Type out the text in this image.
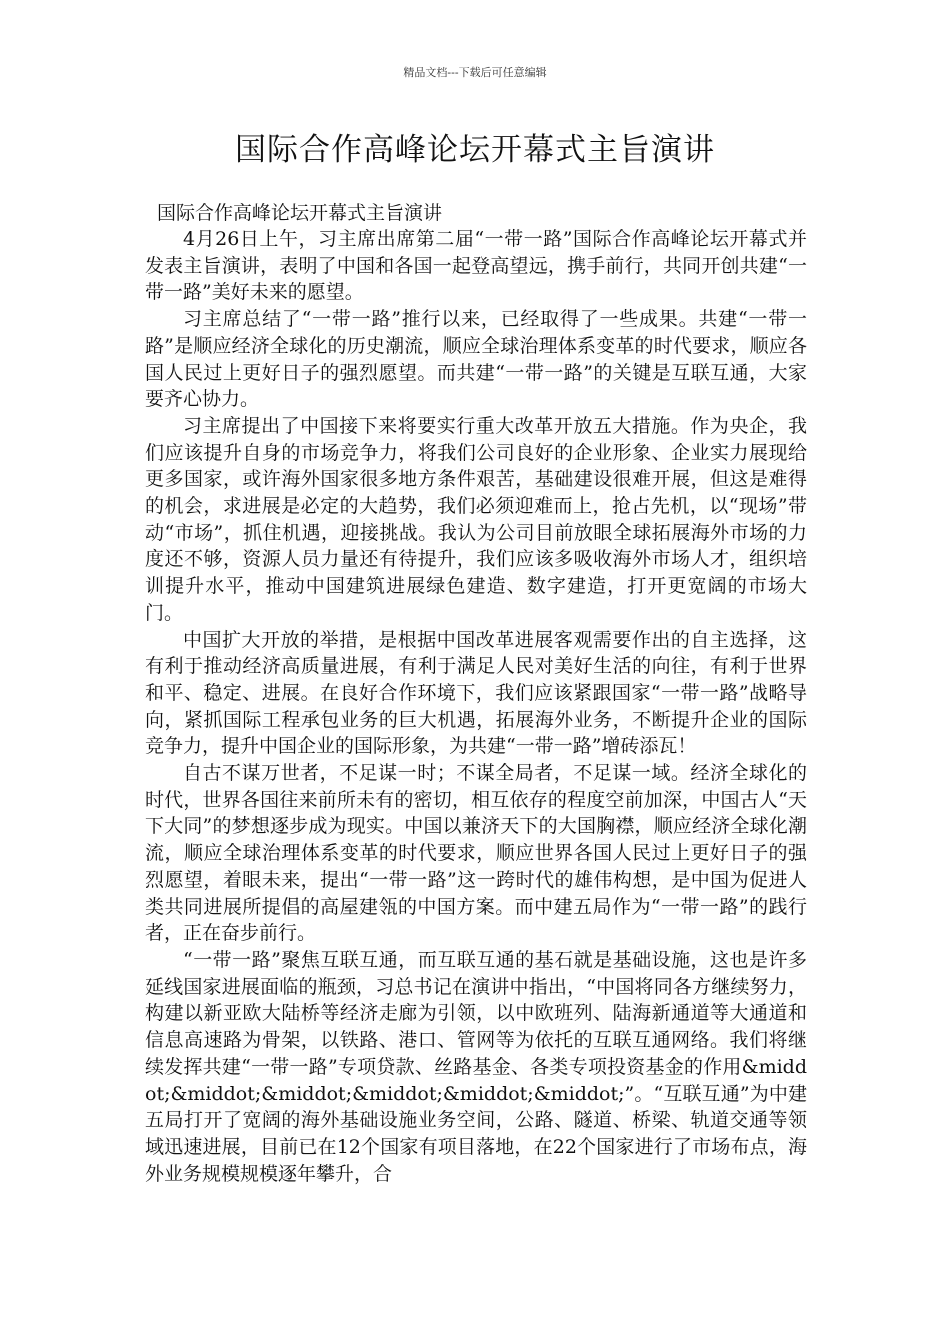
精品文档---下载后可任意编辑
国际合作高峰论坛开幕式主旨演讲

国际合作高峰论坛开幕式主旨演讲

4月26日上午，习主席出席第二届“一带一路”国际合作高峰论坛开幕式并发表主旨演讲，表明了中国和各国一起登高望远，携手前行，共同开创共建“一带一路”美好未来的愿望。

习主席总结了“一带一路”推行以来，已经取得了一些成果。共建“一带一路”是顺应经济全球化的历史潮流，顺应全球治理体系变革的时代要求，顺应各国人民过上更好日子的强烈愿望。而共建“一带一路”的关键是互联互通，大家要齐心协力。

习主席提出了中国接下来将要实行重大改革开放五大措施。作为央企，我们应该提升自身的市场竞争力，将我们公司良好的企业形象、企业实力展现给更多国家，或许海外国家很多地方条件艰苦，基础建设很难开展，但这是难得的机会，求进展是必定的大趋势，我们必须迎难而上，抢占先机，以“现场”带动“市场”，抓住机遇，迎接挑战。我认为公司目前放眼全球拓展海外市场的力度还不够，资源人员力量还有待提升，我们应该多吸收海外市场人才，组织培训提升水平，推动中国建筑进展绿色建造、数字建造，打开更宽阔的市场大门。

中国扩大开放的举措，是根据中国改革进展客观需要作出的自主选择，这有利于推动经济高质量进展，有利于满足人民对美好生活的向往，有利于世界和平、稳定、进展。在良好合作环境下，我们应该紧跟国家“一带一路”战略导向，紧抓国际工程承包业务的巨大机遇，拓展海外业务，不断提升企业的国际竞争力，提升中国企业的国际形象，为共建“一带一路”增砖添瓦！

自古不谋万世者，不足谋一时；不谋全局者，不足谋一域。经济全球化的时代，世界各国往来前所未有的密切，相互依存的程度空前加深，中国古人“天下大同”的梦想逐步成为现实。中国以兼济天下的大国胸襟，顺应经济全球化潮流，顺应全球治理体系变革的时代要求，顺应世界各国人民过上更好日子的强烈愿望，着眼未来，提出“一带一路”这一跨时代的雄伟构想，是中国为促进人类共同进展所提倡的高屋建瓴的中国方案。而中建五局作为“一带一路”的践行者，正在奋步前行。

“一带一路”聚焦互联互通，而互联互通的基石就是基础设施，这也是许多延线国家进展面临的瓶颈，习总书记在演讲中指出，“中国将同各方继续努力，构建以新亚欧大陆桥等经济走廊为引领，以中欧班列、陆海新通道等大通道和信息高速路为骨架，以铁路、港口、管网等为依托的互联互通网络。我们将继续发挥共建“一带一路”专项贷款、丝路基金、各类专项投资基金的作用&middot;&middot;&middot;&middot;&middot;&middot;”。“互联互通”为中建五局打开了宽阔的海外基础设施业务空间，公路、隧道、桥梁、轨道交通等领域迅速进展，目前已在12个国家有项目落地，在22个国家进行了市场布点，海外业务规模规模逐年攀升，合
